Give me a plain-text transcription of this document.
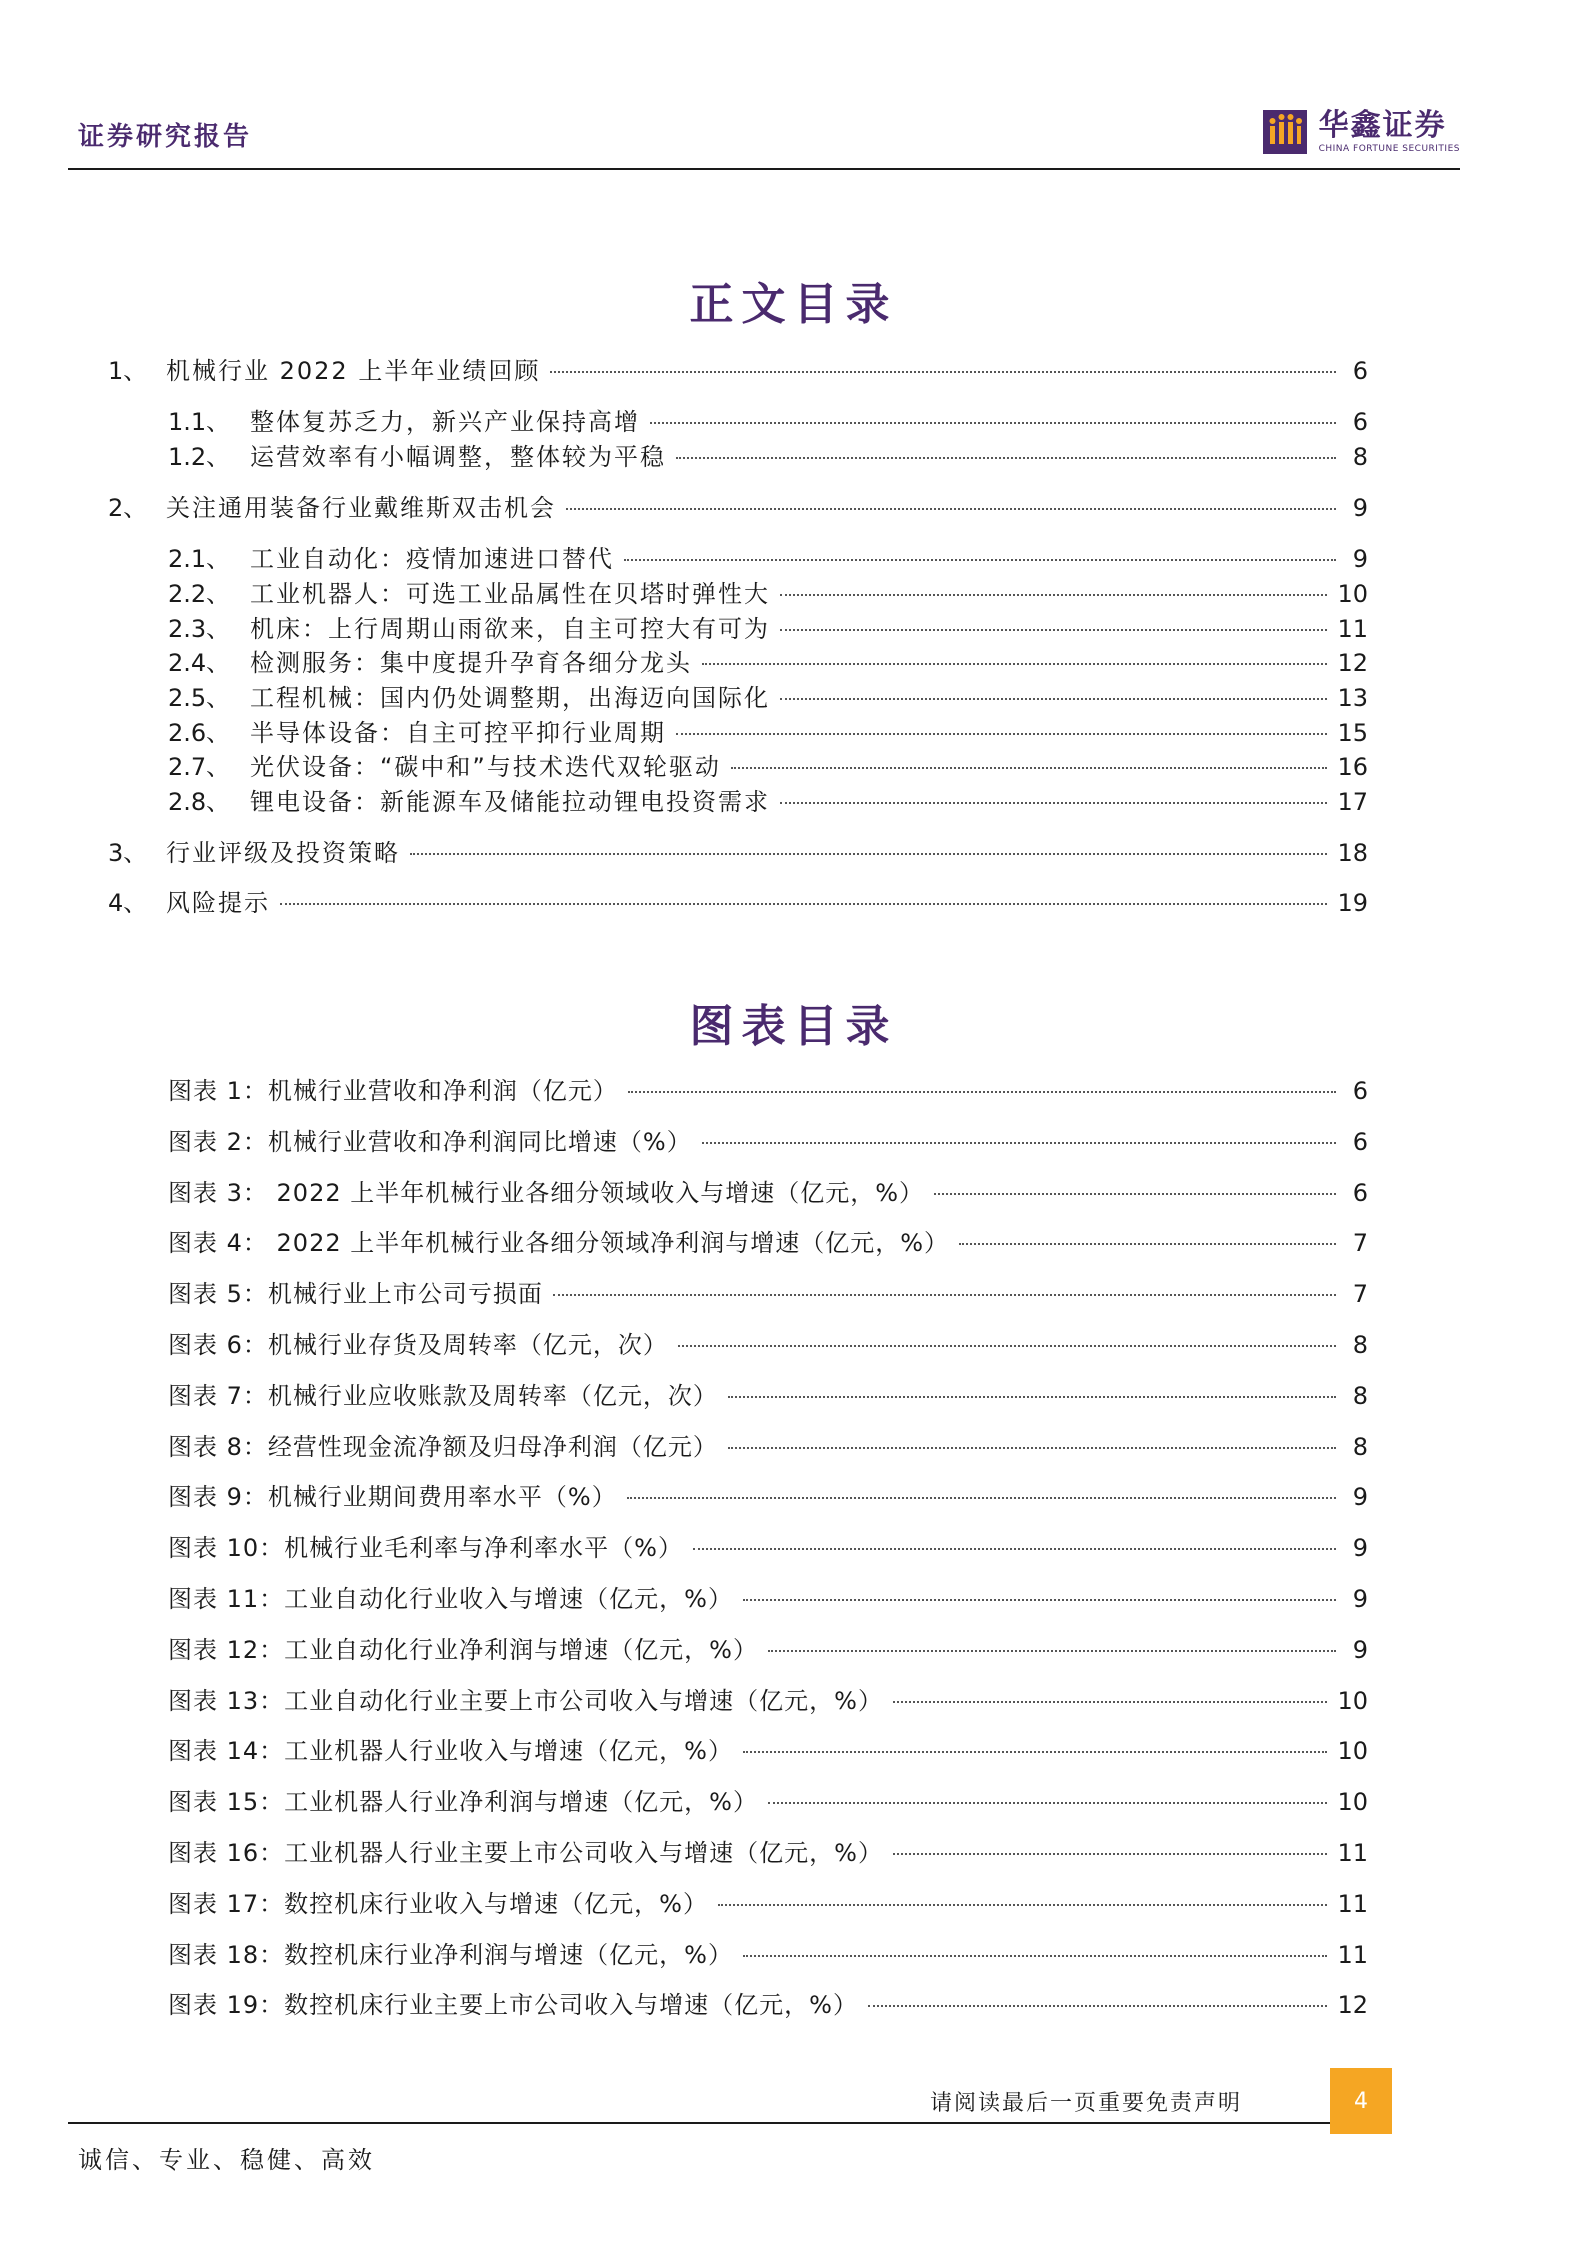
证券研究报告	华鑫证券
CHINA FORTUNE SECURITIES
正文目录
1、 机械行业 2022 上半年业绩回顾	6
1.1、 整体复苏乏力，新兴产业保持高增	6
1.2、 运营效率有小幅调整，整体较为平稳	8
2、 关注通用装备行业戴维斯双击机会	9
2.1、 工业自动化：疫情加速进口替代	9
2.2、 工业机器人：可选工业品属性在贝塔时弹性大	10
2.3、 机床：上行周期山雨欲来，自主可控大有可为	11
2.4、 检测服务：集中度提升孕育各细分龙头	12
2.5、 工程机械：国内仍处调整期，出海迈向国际化	13
2.6、 半导体设备：自主可控平抑行业周期	15
2.7、 光伏设备：“碳中和”与技术迭代双轮驱动	16
2.8、 锂电设备：新能源车及储能拉动锂电投资需求	17
3、 行业评级及投资策略	18
4、 风险提示	19
图表目录
图表 1：机械行业营收和净利润（亿元）	6
图表 2：机械行业营收和净利润同比增速（%）	6
图表 3： 2022 上半年机械行业各细分领域收入与增速（亿元，%）	6
图表 4： 2022 上半年机械行业各细分领域净利润与增速（亿元，%）	7
图表 5：机械行业上市公司亏损面	7
图表 6：机械行业存货及周转率（亿元，次）	8
图表 7：机械行业应收账款及周转率（亿元，次）	8
图表 8：经营性现金流净额及归母净利润（亿元）	8
图表 9：机械行业期间费用率水平（%）	9
图表 10：机械行业毛利率与净利率水平（%）	9
图表 11：工业自动化行业收入与增速（亿元，%）	9
图表 12：工业自动化行业净利润与增速（亿元，%）	9
图表 13：工业自动化行业主要上市公司收入与增速（亿元，%）	10
图表 14：工业机器人行业收入与增速（亿元，%）	10
图表 15：工业机器人行业净利润与增速（亿元，%）	10
图表 16：工业机器人行业主要上市公司收入与增速（亿元，%）	11
图表 17：数控机床行业收入与增速（亿元，%）	11
图表 18：数控机床行业净利润与增速（亿元，%）	11
图表 19：数控机床行业主要上市公司收入与增速（亿元，%）	12
请阅读最后一页重要免责声明	4
诚信、专业、稳健、高效
